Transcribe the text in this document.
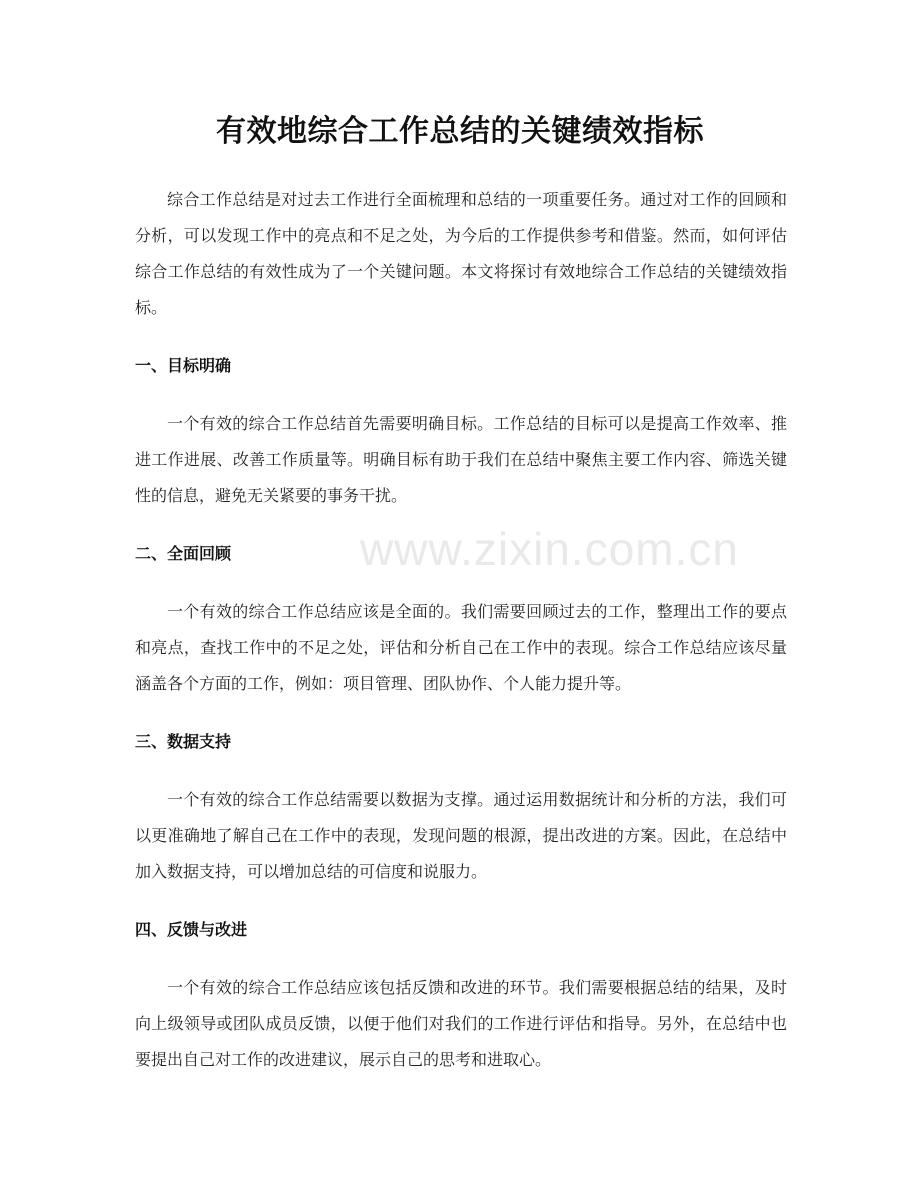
有效地综合工作总结的关键绩效指标

综合工作总结是对过去工作进行全面梳理和总结的一项重要任务。通过对工作的回顾和分析，可以发现工作中的亮点和不足之处，为今后的工作提供参考和借鉴。然而，如何评估综合工作总结的有效性成为了一个关键问题。本文将探讨有效地综合工作总结的关键绩效指标。

一、目标明确

一个有效的综合工作总结首先需要明确目标。工作总结的目标可以是提高工作效率、推进工作进展、改善工作质量等。明确目标有助于我们在总结中聚焦主要工作内容、筛选关键性的信息，避免无关紧要的事务干扰。

二、全面回顾

一个有效的综合工作总结应该是全面的。我们需要回顾过去的工作，整理出工作的要点和亮点，查找工作中的不足之处，评估和分析自己在工作中的表现。综合工作总结应该尽量涵盖各个方面的工作，例如：项目管理、团队协作、个人能力提升等。

三、数据支持

一个有效的综合工作总结需要以数据为支撑。通过运用数据统计和分析的方法，我们可以更准确地了解自己在工作中的表现，发现问题的根源，提出改进的方案。因此，在总结中加入数据支持，可以增加总结的可信度和说服力。

四、反馈与改进

一个有效的综合工作总结应该包括反馈和改进的环节。我们需要根据总结的结果，及时向上级领导或团队成员反馈，以便于他们对我们的工作进行评估和指导。另外，在总结中也要提出自己对工作的改进建议，展示自己的思考和进取心。

www.zixin.com.cn
